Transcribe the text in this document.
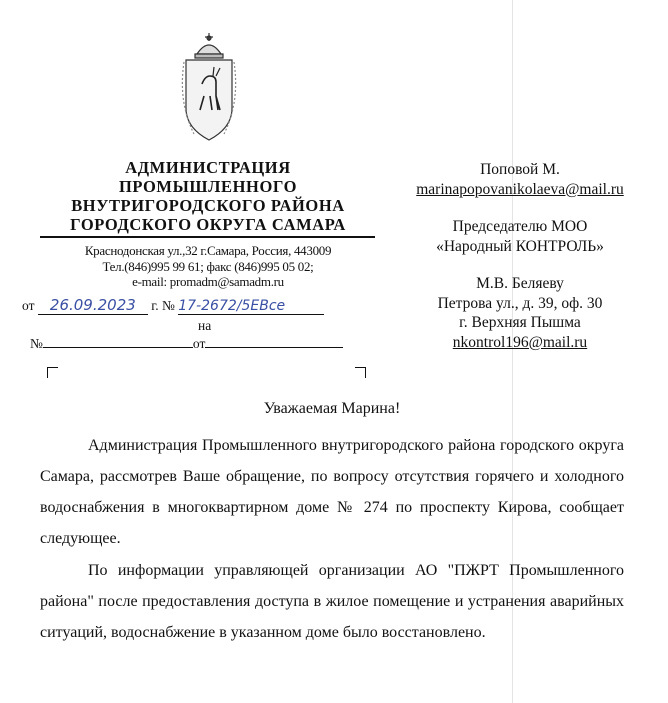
АДМИНИСТРАЦИЯ
ПРОМЫШЛЕННОГО
ВНУТРИГОРОДСКОГО РАЙОНА
ГОРОДСКОГО ОКРУГА САМАРА
Краснодонская ул.,32 г.Самара, Россия, 443009
Тел.(846)995 99 61; факс (846)995 05 02;
e-mail: promadm@samadm.ru
от 26.09.2023 г. № 17-2672/5ЕВсе
на
№	от
Поповой М.
marinapopovanikolaeva@mail.ru
Председателю МОО
«Народный КОНТРОЛЬ»
М.В. Беляеву
Петрова ул., д. 39, оф. 30
г. Верхняя Пышма
nkontrol196@mail.ru
Уважаемая Марина!
Администрация Промышленного внутригородского района городского округа Самара, рассмотрев Ваше обращение, по вопросу отсутствия горячего и холодного водоснабжения в многоквартирном доме № 274 по проспекту Кирова, сообщает следующее.
По информации управляющей организации АО "ПЖРТ Промышленного района" после предоставления доступа в жилое помещение и устранения аварийных ситуаций, водоснабжение в указанном доме было восстановлено.
